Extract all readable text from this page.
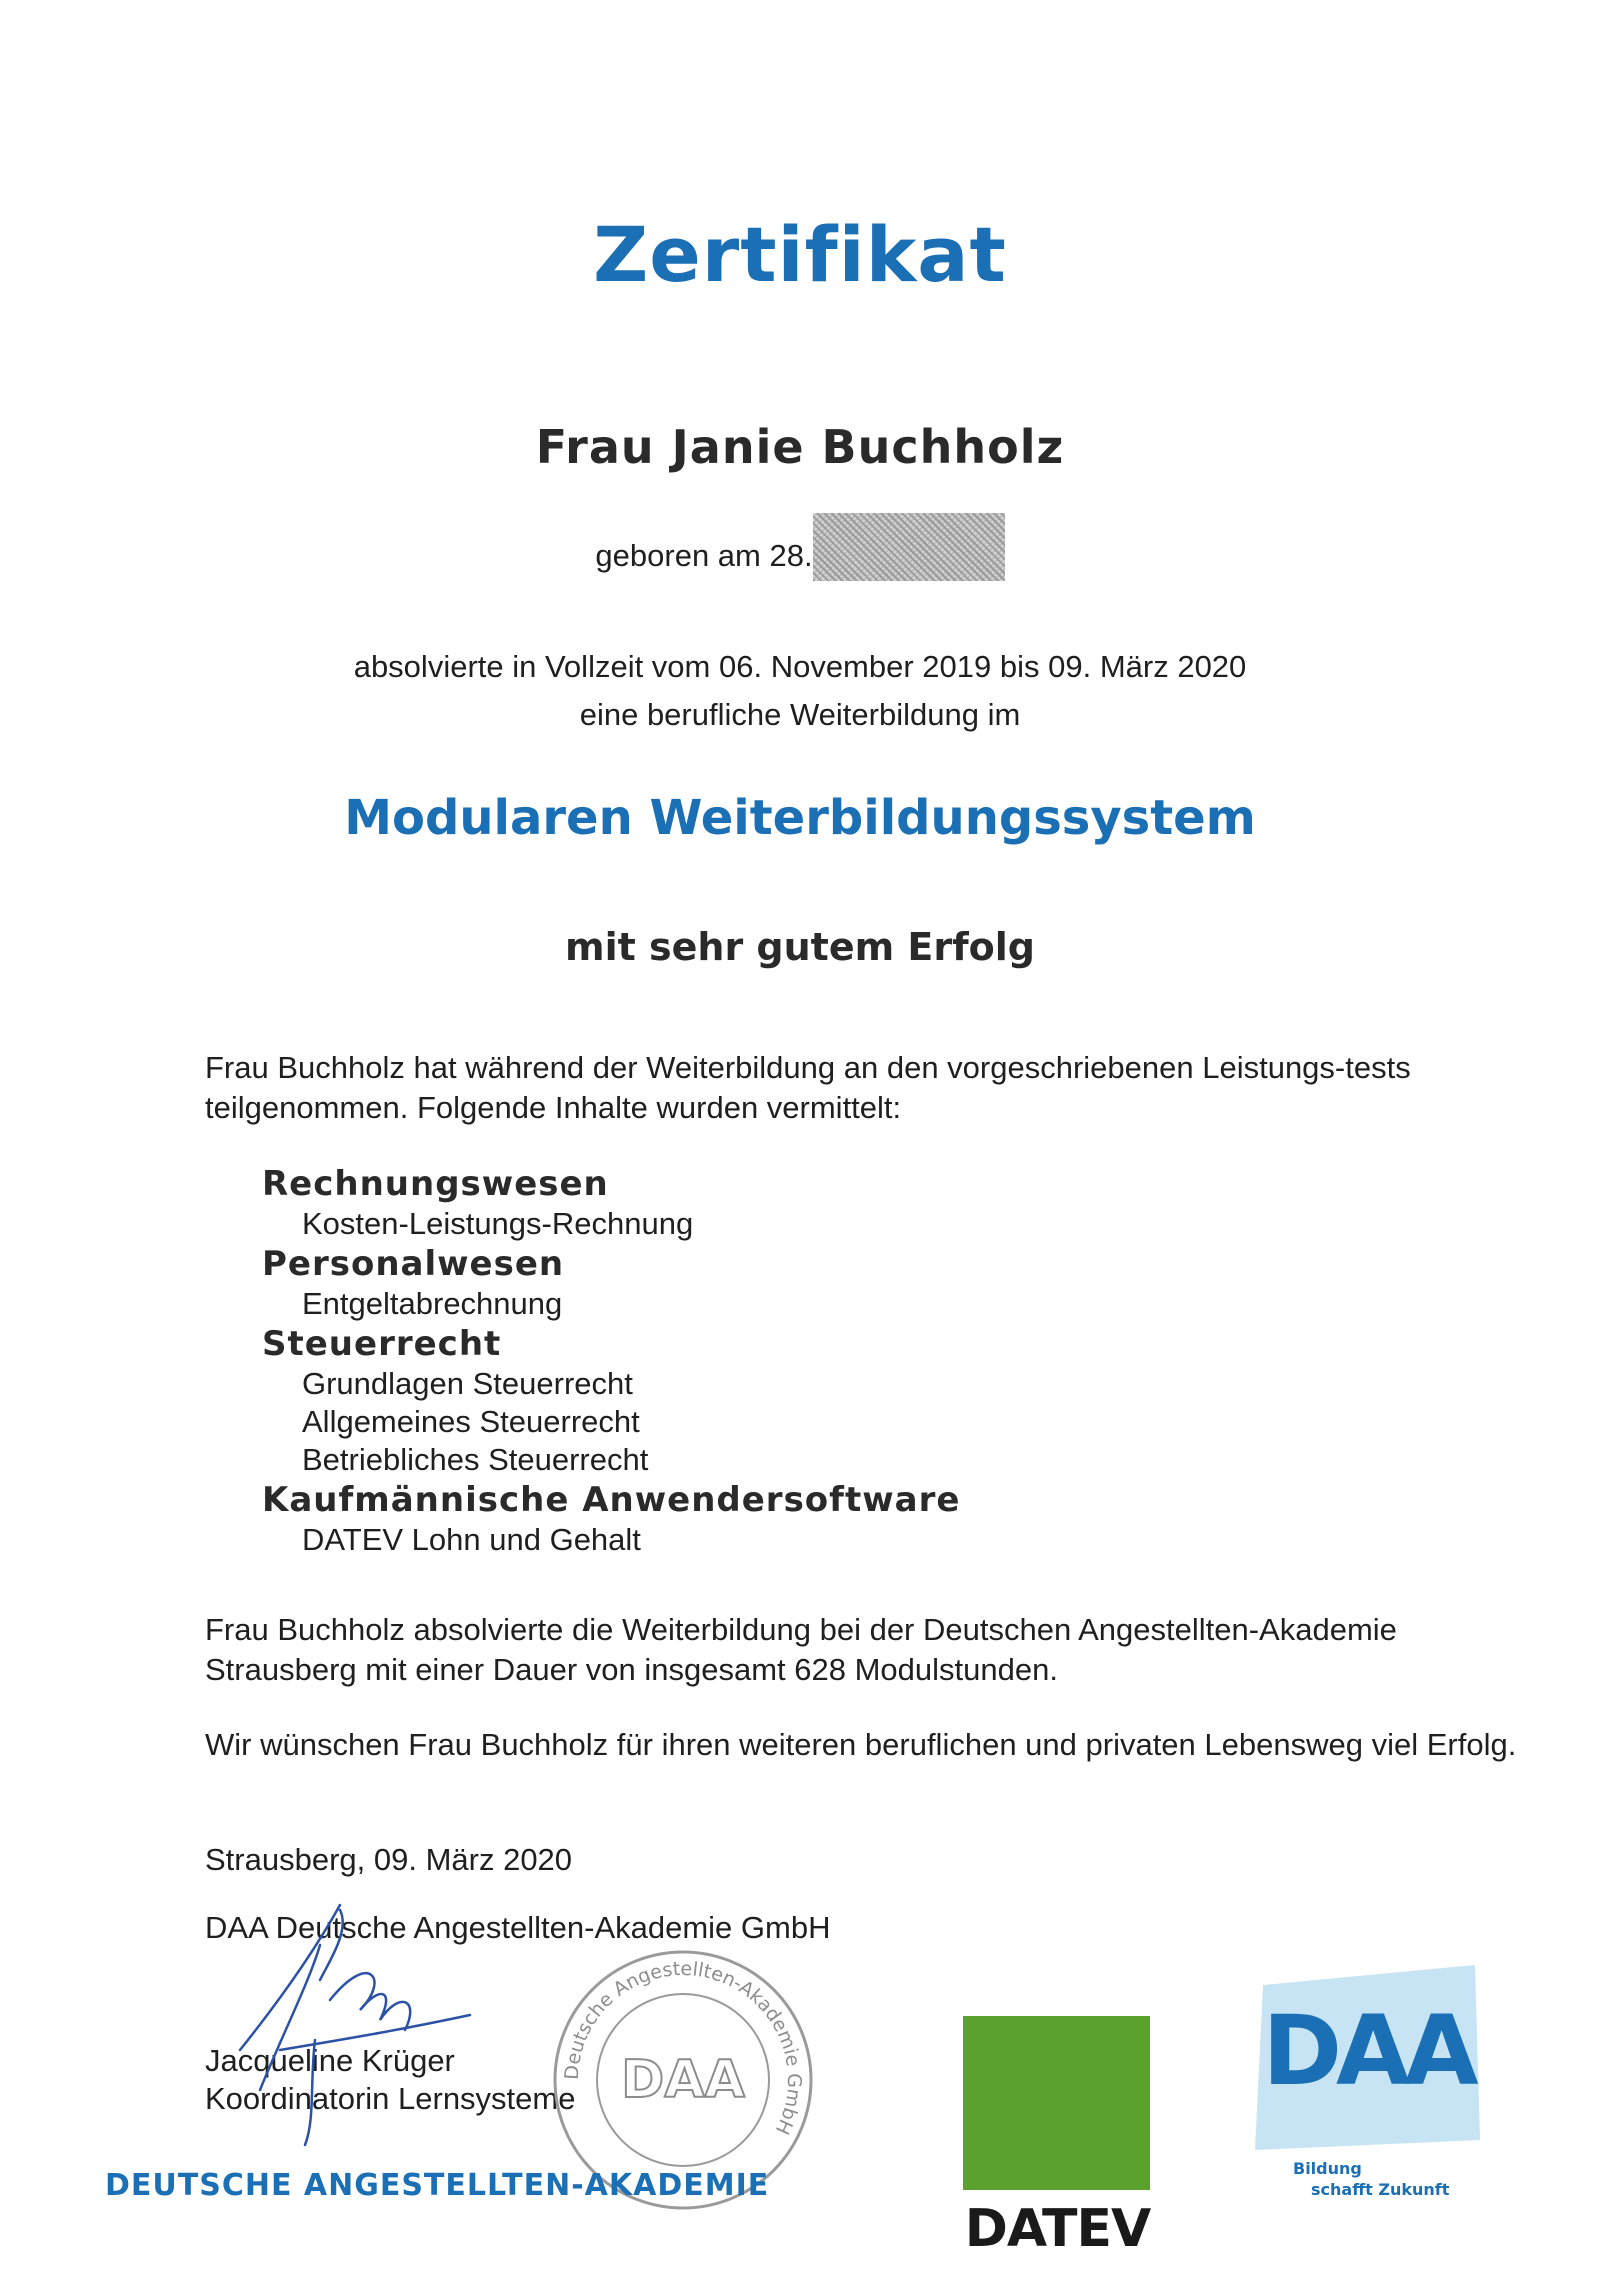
Zertifikat
Frau Janie Buchholz
geboren am 28.
absolvierte in Vollzeit vom 06. November 2019 bis 09. März 2020
eine berufliche Weiterbildung im
Modularen Weiterbildungssystem
mit sehr gutem Erfolg
Frau Buchholz hat während der Weiterbildung an den vorgeschriebenen Leistungs-tests teilgenommen. Folgende Inhalte wurden vermittelt:
Rechnungswesen
Kosten-Leistungs-Rechnung
Personalwesen
Entgeltabrechnung
Steuerrecht
Grundlagen Steuerrecht
Allgemeines Steuerrecht
Betriebliches Steuerrecht
Kaufmännische Anwendersoftware
DATEV Lohn und Gehalt
Frau Buchholz absolvierte die Weiterbildung bei der Deutschen Angestellten-Akademie Strausberg mit einer Dauer von insgesamt 628 Modulstunden.
Wir wünschen Frau Buchholz für ihren weiteren beruflichen und privaten Lebensweg viel Erfolg.
Strausberg, 09. März 2020
DAA Deutsche Angestellten-Akademie GmbH
Jacqueline Krüger
Koordinatorin Lernsysteme
Deutsche Angestellten-Akademie GmbH
DAA
DEUTSCHE ANGESTELLTEN-AKADEMIE
DATEV
DAA
Bildung
schafft Zukunft
